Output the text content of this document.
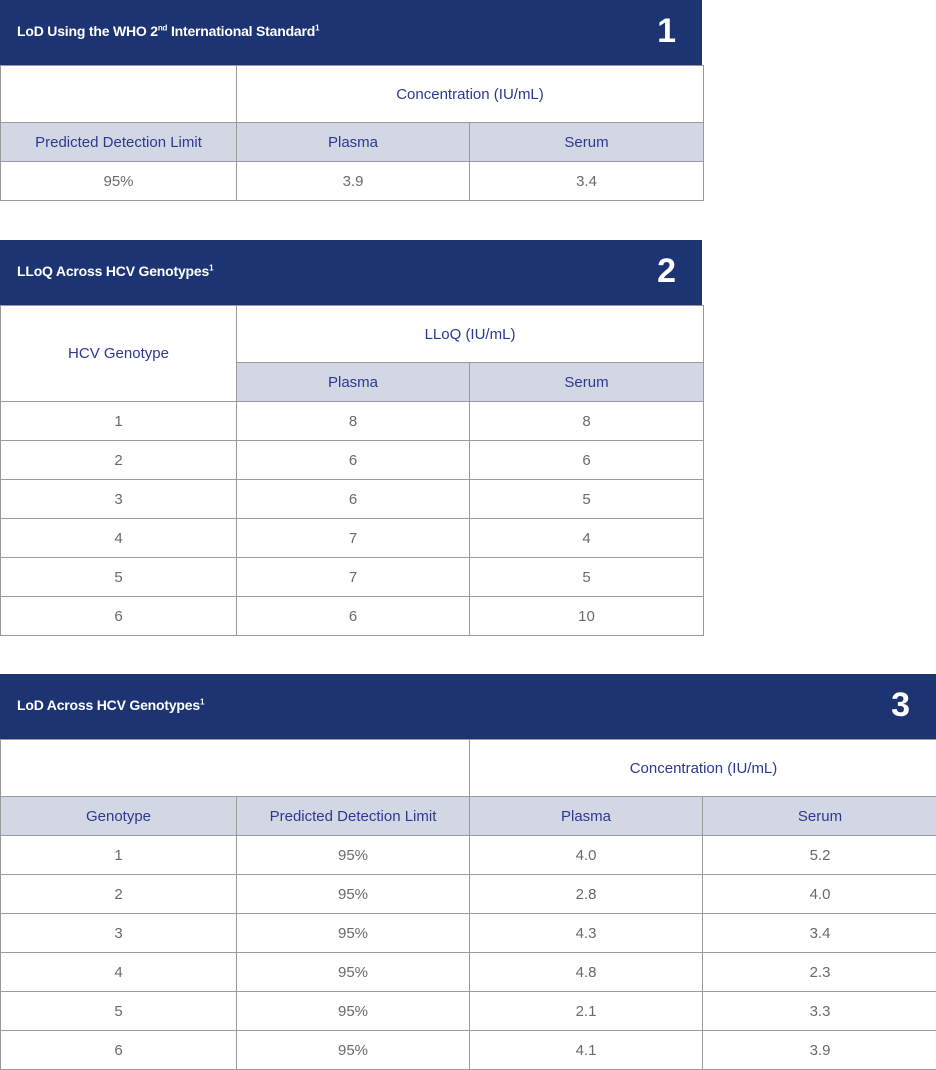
LoD Using the WHO 2nd International Standard$^1$	1
	Concentration (IU/mL)	
Predicted Detection Limit	Plasma	Serum
95%	3.9	3.4
LLoQ Across HCV Genotypes$^1$	2
HCV Genotype	LLoQ (IU/mL)	
	Plasma	Serum
1	8	8
2	6	6
3	6	5
4	7	4
5	7	5
6	6	10
LoD Across HCV Genotypes$^1$	3
		Concentration (IU/mL)	
Genotype	Predicted Detection Limit	Plasma	Serum
1	95%	4.0	5.2
2	95%	2.8	4.0
3	95%	4.3	3.4
4	95%	4.8	2.3
5	95%	2.1	3.3
6	95%	4.1	3.9
